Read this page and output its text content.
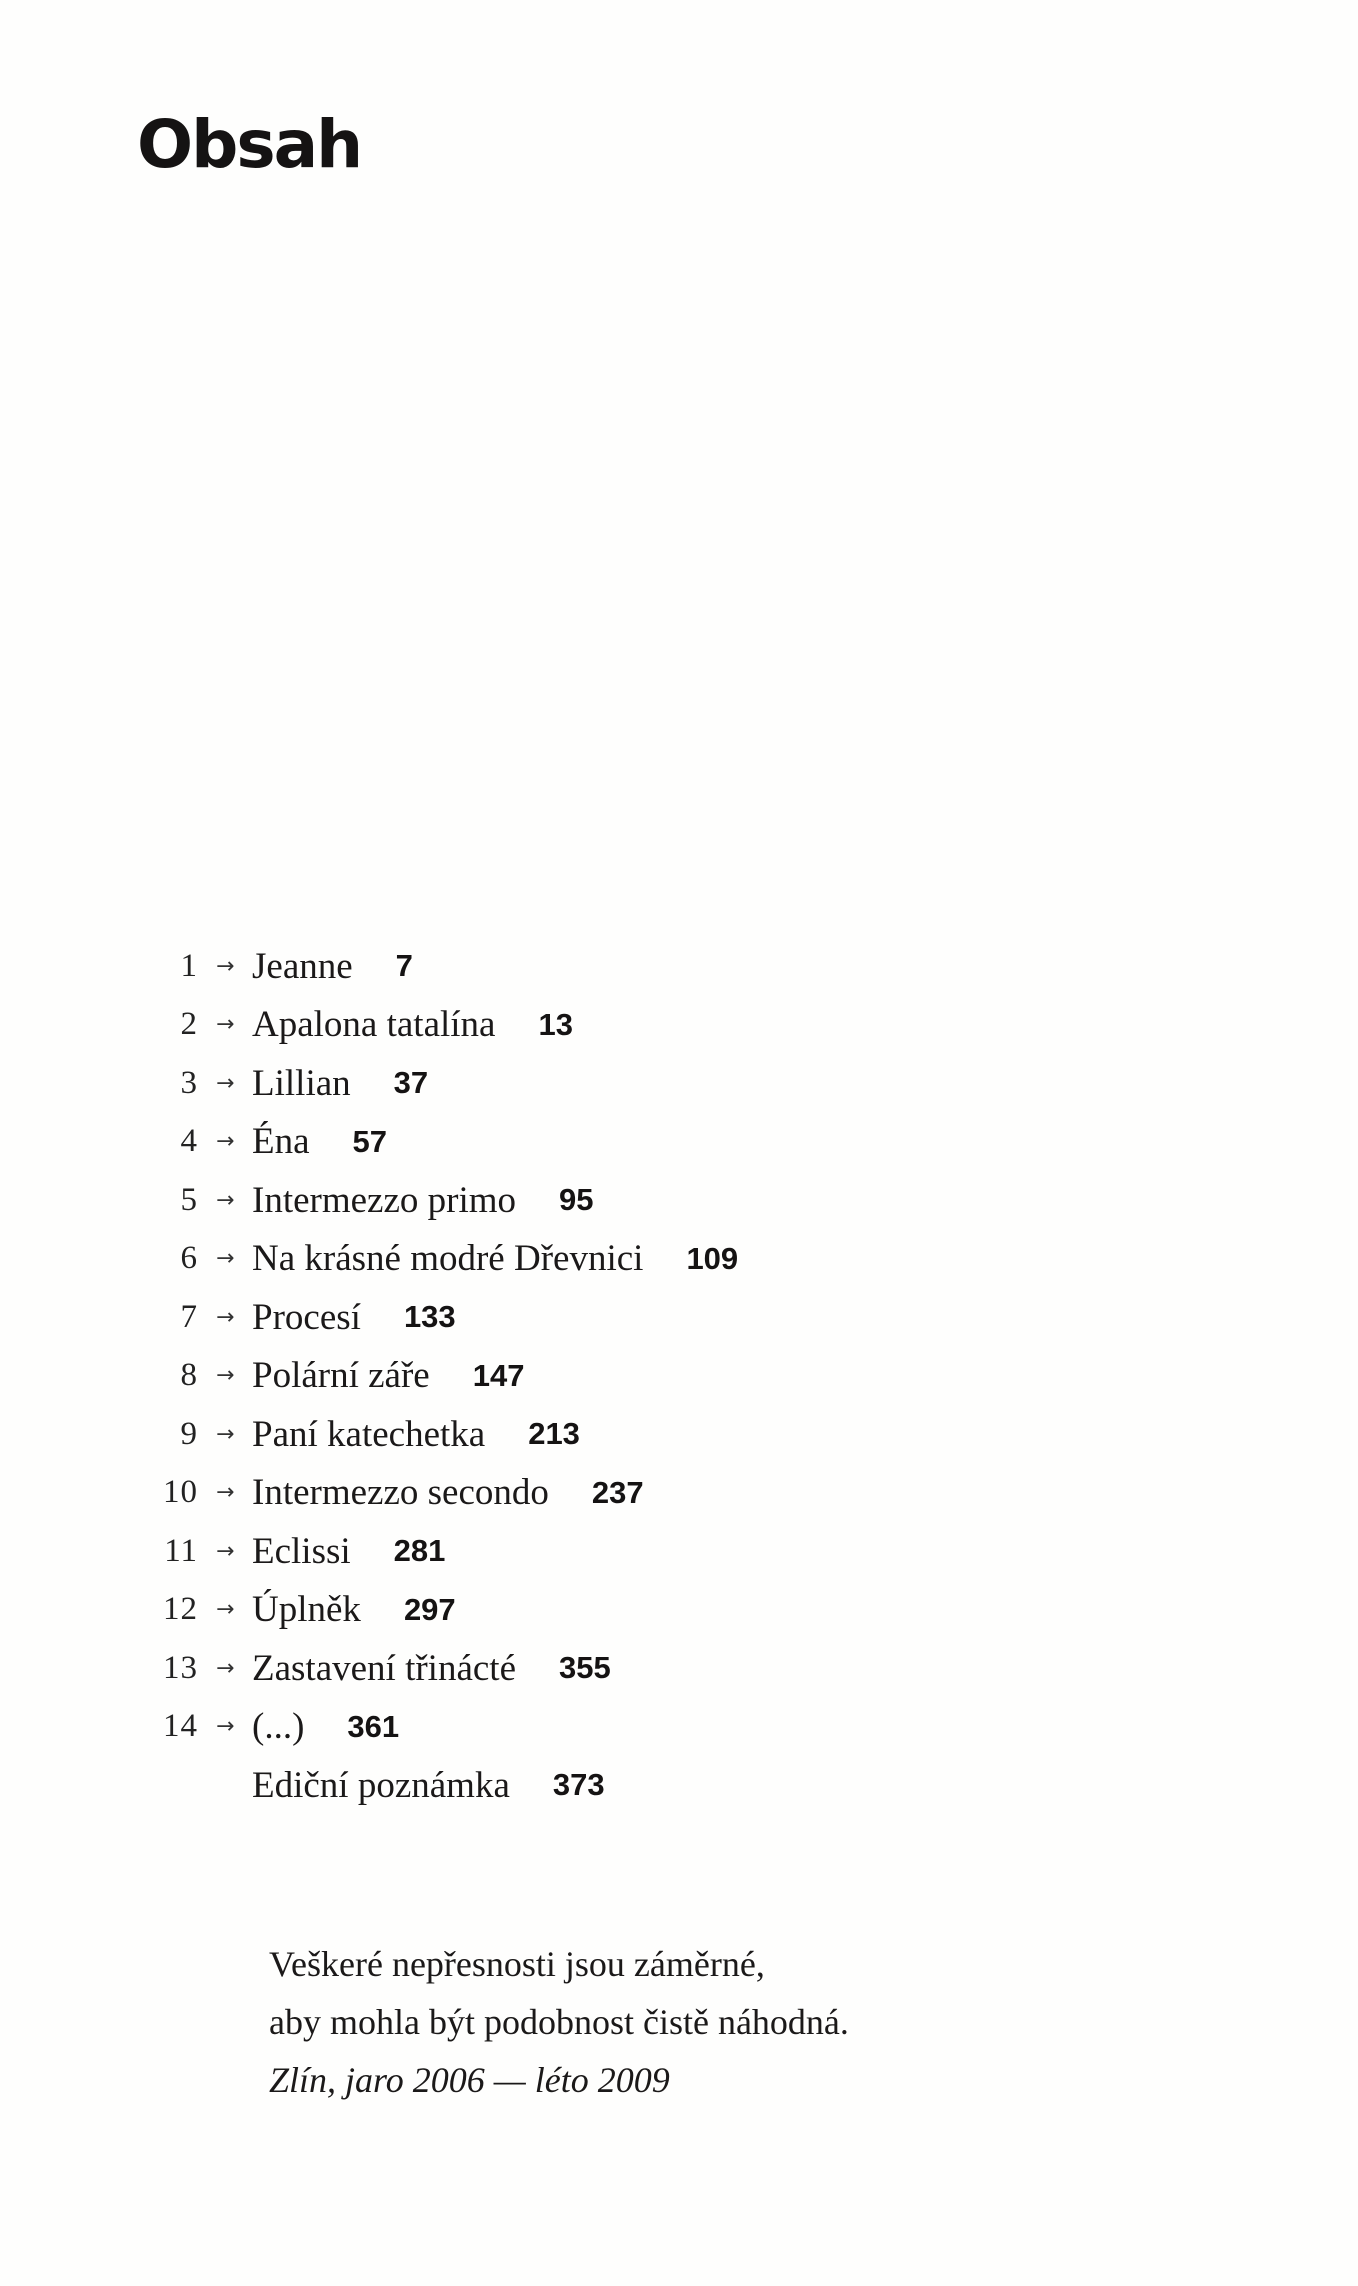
Obsah
1 → Jeanne 7
2 → Apalona tatalína 13
3 → Lillian 37
4 → Éna 57
5 → Intermezzo primo 95
6 → Na krásné modré Dřevnici 109
7 → Procesí 133
8 → Polární záře 147
9 → Paní katechetka 213
10 → Intermezzo secondo 237
11 → Eclissi 281
12 → Úplněk 297
13 → Zastavení třinácté 355
14 → (...) 361
Ediční poznámka 373

Veškeré nepřesnosti jsou záměrné,

aby mohla být podobnost čistě náhodná.

Zlín, jaro 2006 — léto 2009
